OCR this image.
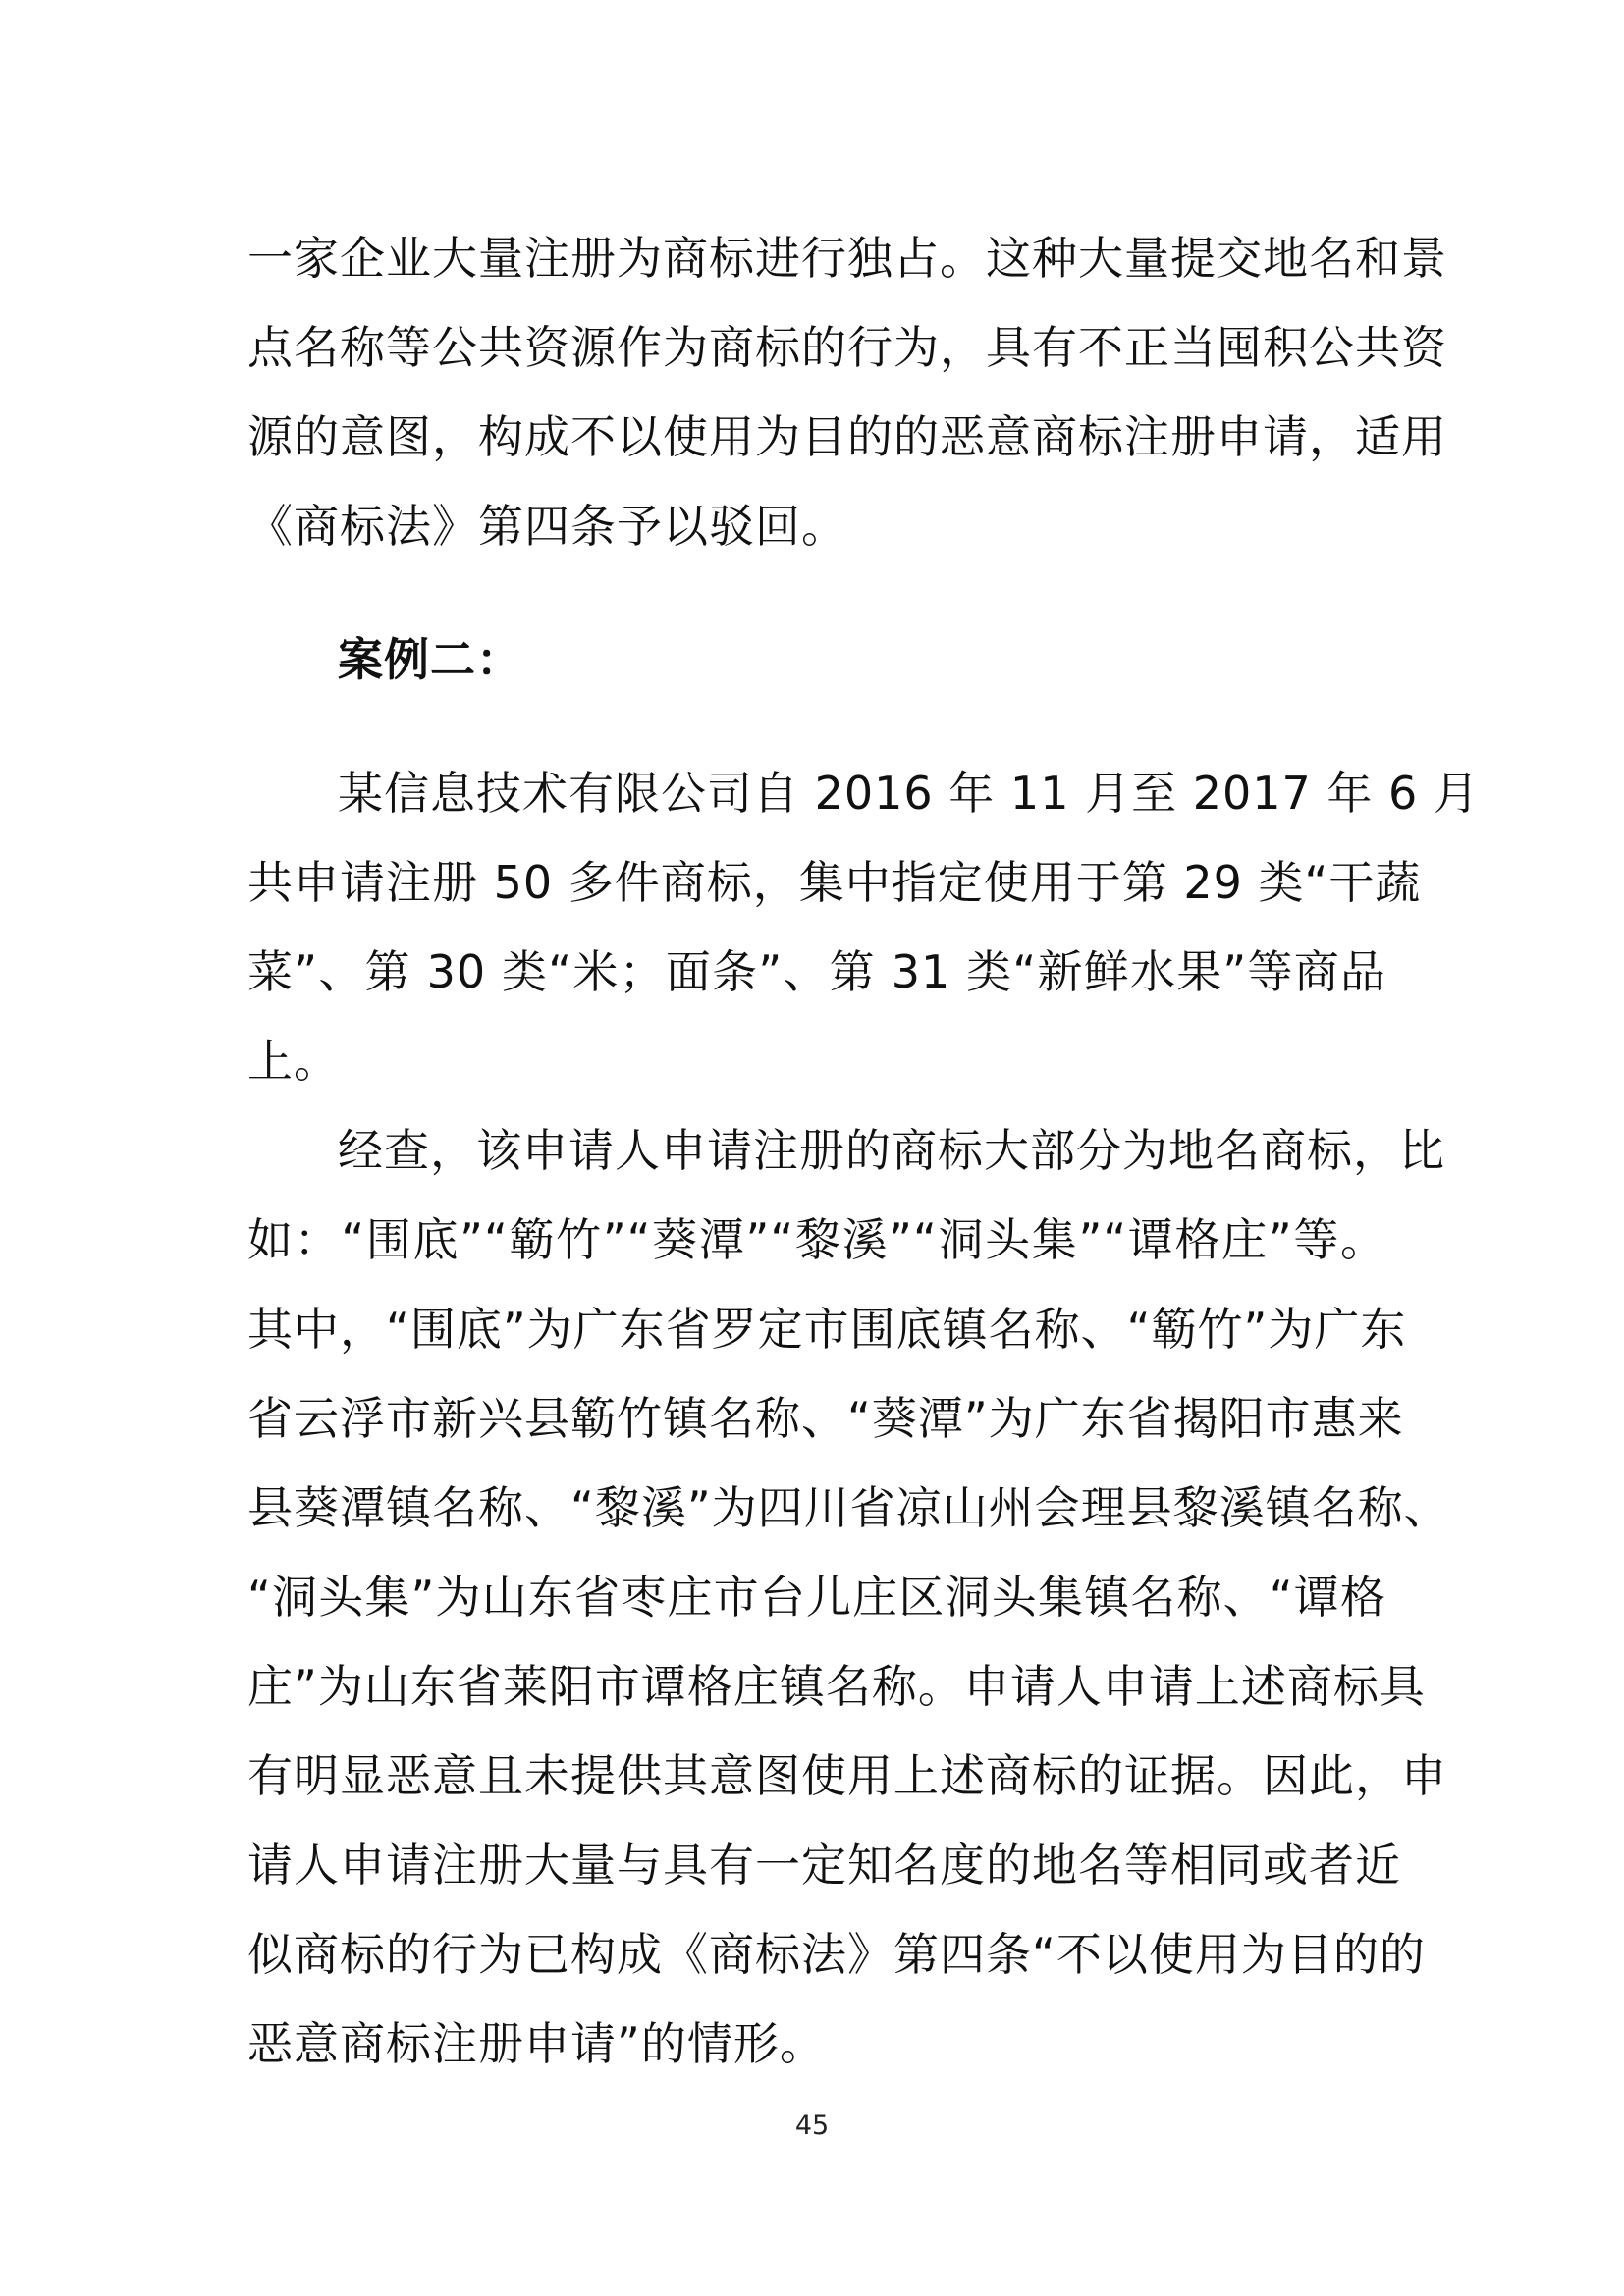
一家企业大量注册为商标进行独占。这种大量提交地名和景
点名称等公共资源作为商标的行为，具有不正当囤积公共资
源的意图，构成不以使用为目的的恶意商标注册申请，适用
《商标法》第四条予以驳回。
案例二：
某信息技术有限公司自 2016 年 11 月至 2017 年 6 月
共申请注册 50 多件商标，集中指定使用于第 29 类“干蔬
菜”、第 30 类“米；面条”、第 31 类“新鲜水果”等商品
上。
经查，该申请人申请注册的商标大部分为地名商标，比
如：“围底”“簕竹”“葵潭”“黎溪”“洞头集”“谭格庄”等。
其中，“围底”为广东省罗定市围底镇名称、“簕竹”为广东
省云浮市新兴县簕竹镇名称、“葵潭”为广东省揭阳市惠来
县葵潭镇名称、“黎溪”为四川省凉山州会理县黎溪镇名称、
“洞头集”为山东省枣庄市台儿庄区洞头集镇名称、“谭格
庄”为山东省莱阳市谭格庄镇名称。申请人申请上述商标具
有明显恶意且未提供其意图使用上述商标的证据。因此，申
请人申请注册大量与具有一定知名度的地名等相同或者近
似商标的行为已构成《商标法》第四条“不以使用为目的的
恶意商标注册申请”的情形。
45
